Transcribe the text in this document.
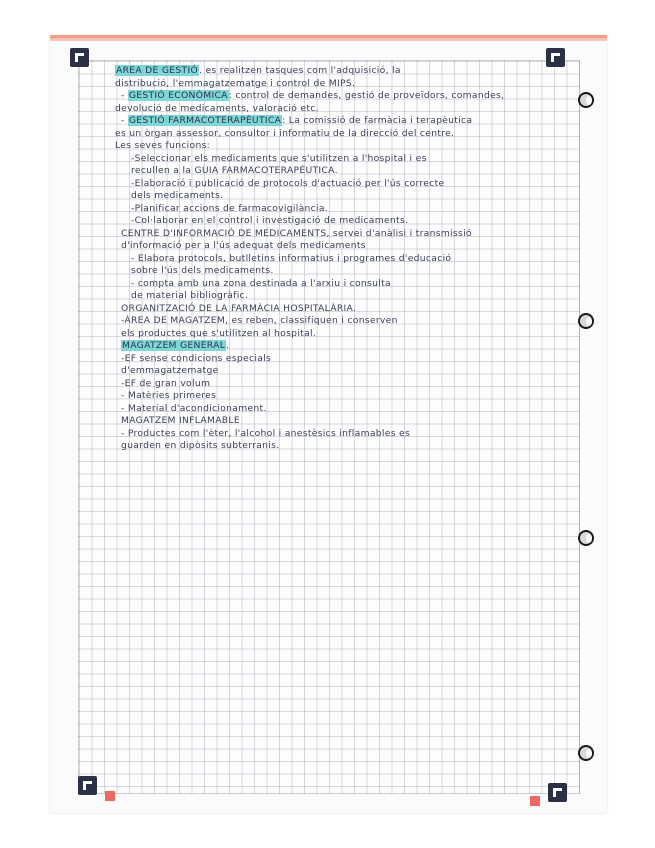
AREA DE GESTIÓ. es realitzen tasques com l'adquisició, la
distribució, l'emmagatzematge i control de MIPS.
- GESTIÓ ECONÒMICA: control de demandes, gestió de proveïdors, comandes,
devolució de medicaments, valoració etc.
- GESTIÓ FARMACOTERAPÈUTICA: La comissió de farmàcia i terapèutica
es un òrgan assessor, consultor i informatiu de la direcció del centre.
Les seves funcions:
-Seleccionar els medicaments que s'utilitzen a l'hospital i es
recullen a la GUIA FARMACOTERAPÈUTICA.
-Elaboració i publicació de protocols d'actuació per l'ús correcte
dels medicaments.
-Planificar accions de farmacovigilància.
-Col·laborar en el control i investigació de medicaments.
CENTRE D'INFORMACIÓ DE MEDICAMENTS, servei d'anàlisi i transmissió
d'informació per a l'ús adequat dels medicaments
- Elabora protocols, butlletins informatius i programes d'educació
sobre l'ús dels medicaments.
- compta amb una zona destinada a l'arxiu i consulta
de material bibliogràfic.
ORGANITZACIÓ DE LA FARMÀCIA HOSPITALÀRIA.
-ÀREA DE MAGATZEM, es reben, classifiquen i conserven
els productes que s'utilitzen al hospital.
MAGATZEM GENERAL.
-EF sense condicions especials
d'emmagatzematge
-EF de gran volum
- Matèries primeres
- Material d'acondicionament.
MAGATZEM INFLAMABLE
- Productes com l'èter, l'alcohol i anestèsics inflamables es
guarden en dipòsits subterranis.
